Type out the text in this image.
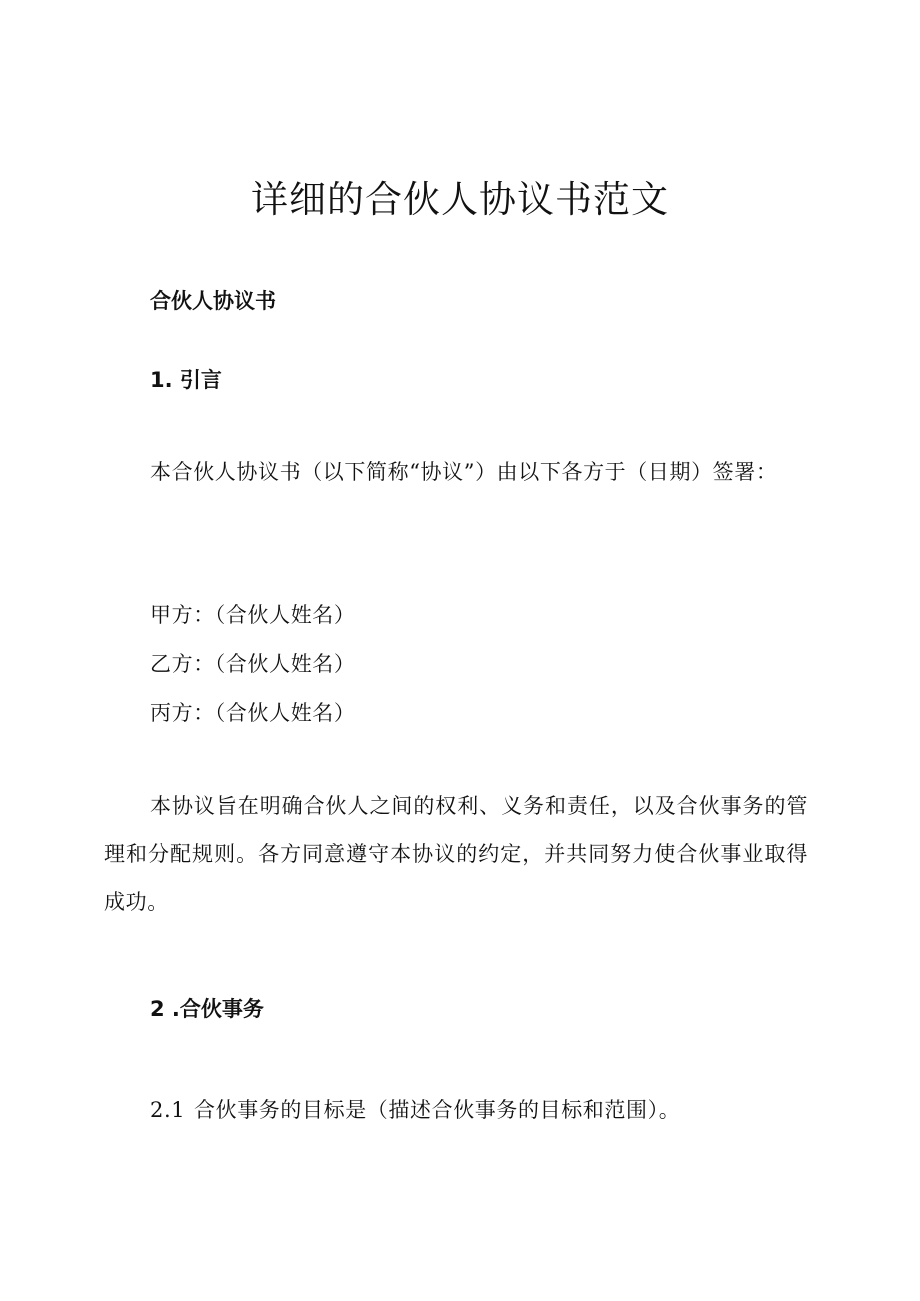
详细的合伙人协议书范文
合伙人协议书
1. 引言

本合伙人协议书（以下简称“协议”）由以下各方于（日期）签署：

甲方：（合伙人姓名）
乙方：（合伙人姓名）
丙方：（合伙人姓名）

本协议旨在明确合伙人之间的权利、义务和责任，以及合伙事务的管理和分配规则。各方同意遵守本协议的约定，并共同努力使合伙事业取得成功。

2 .合伙事务
2.1 合伙事务的目标是（描述合伙事务的目标和范围）。
